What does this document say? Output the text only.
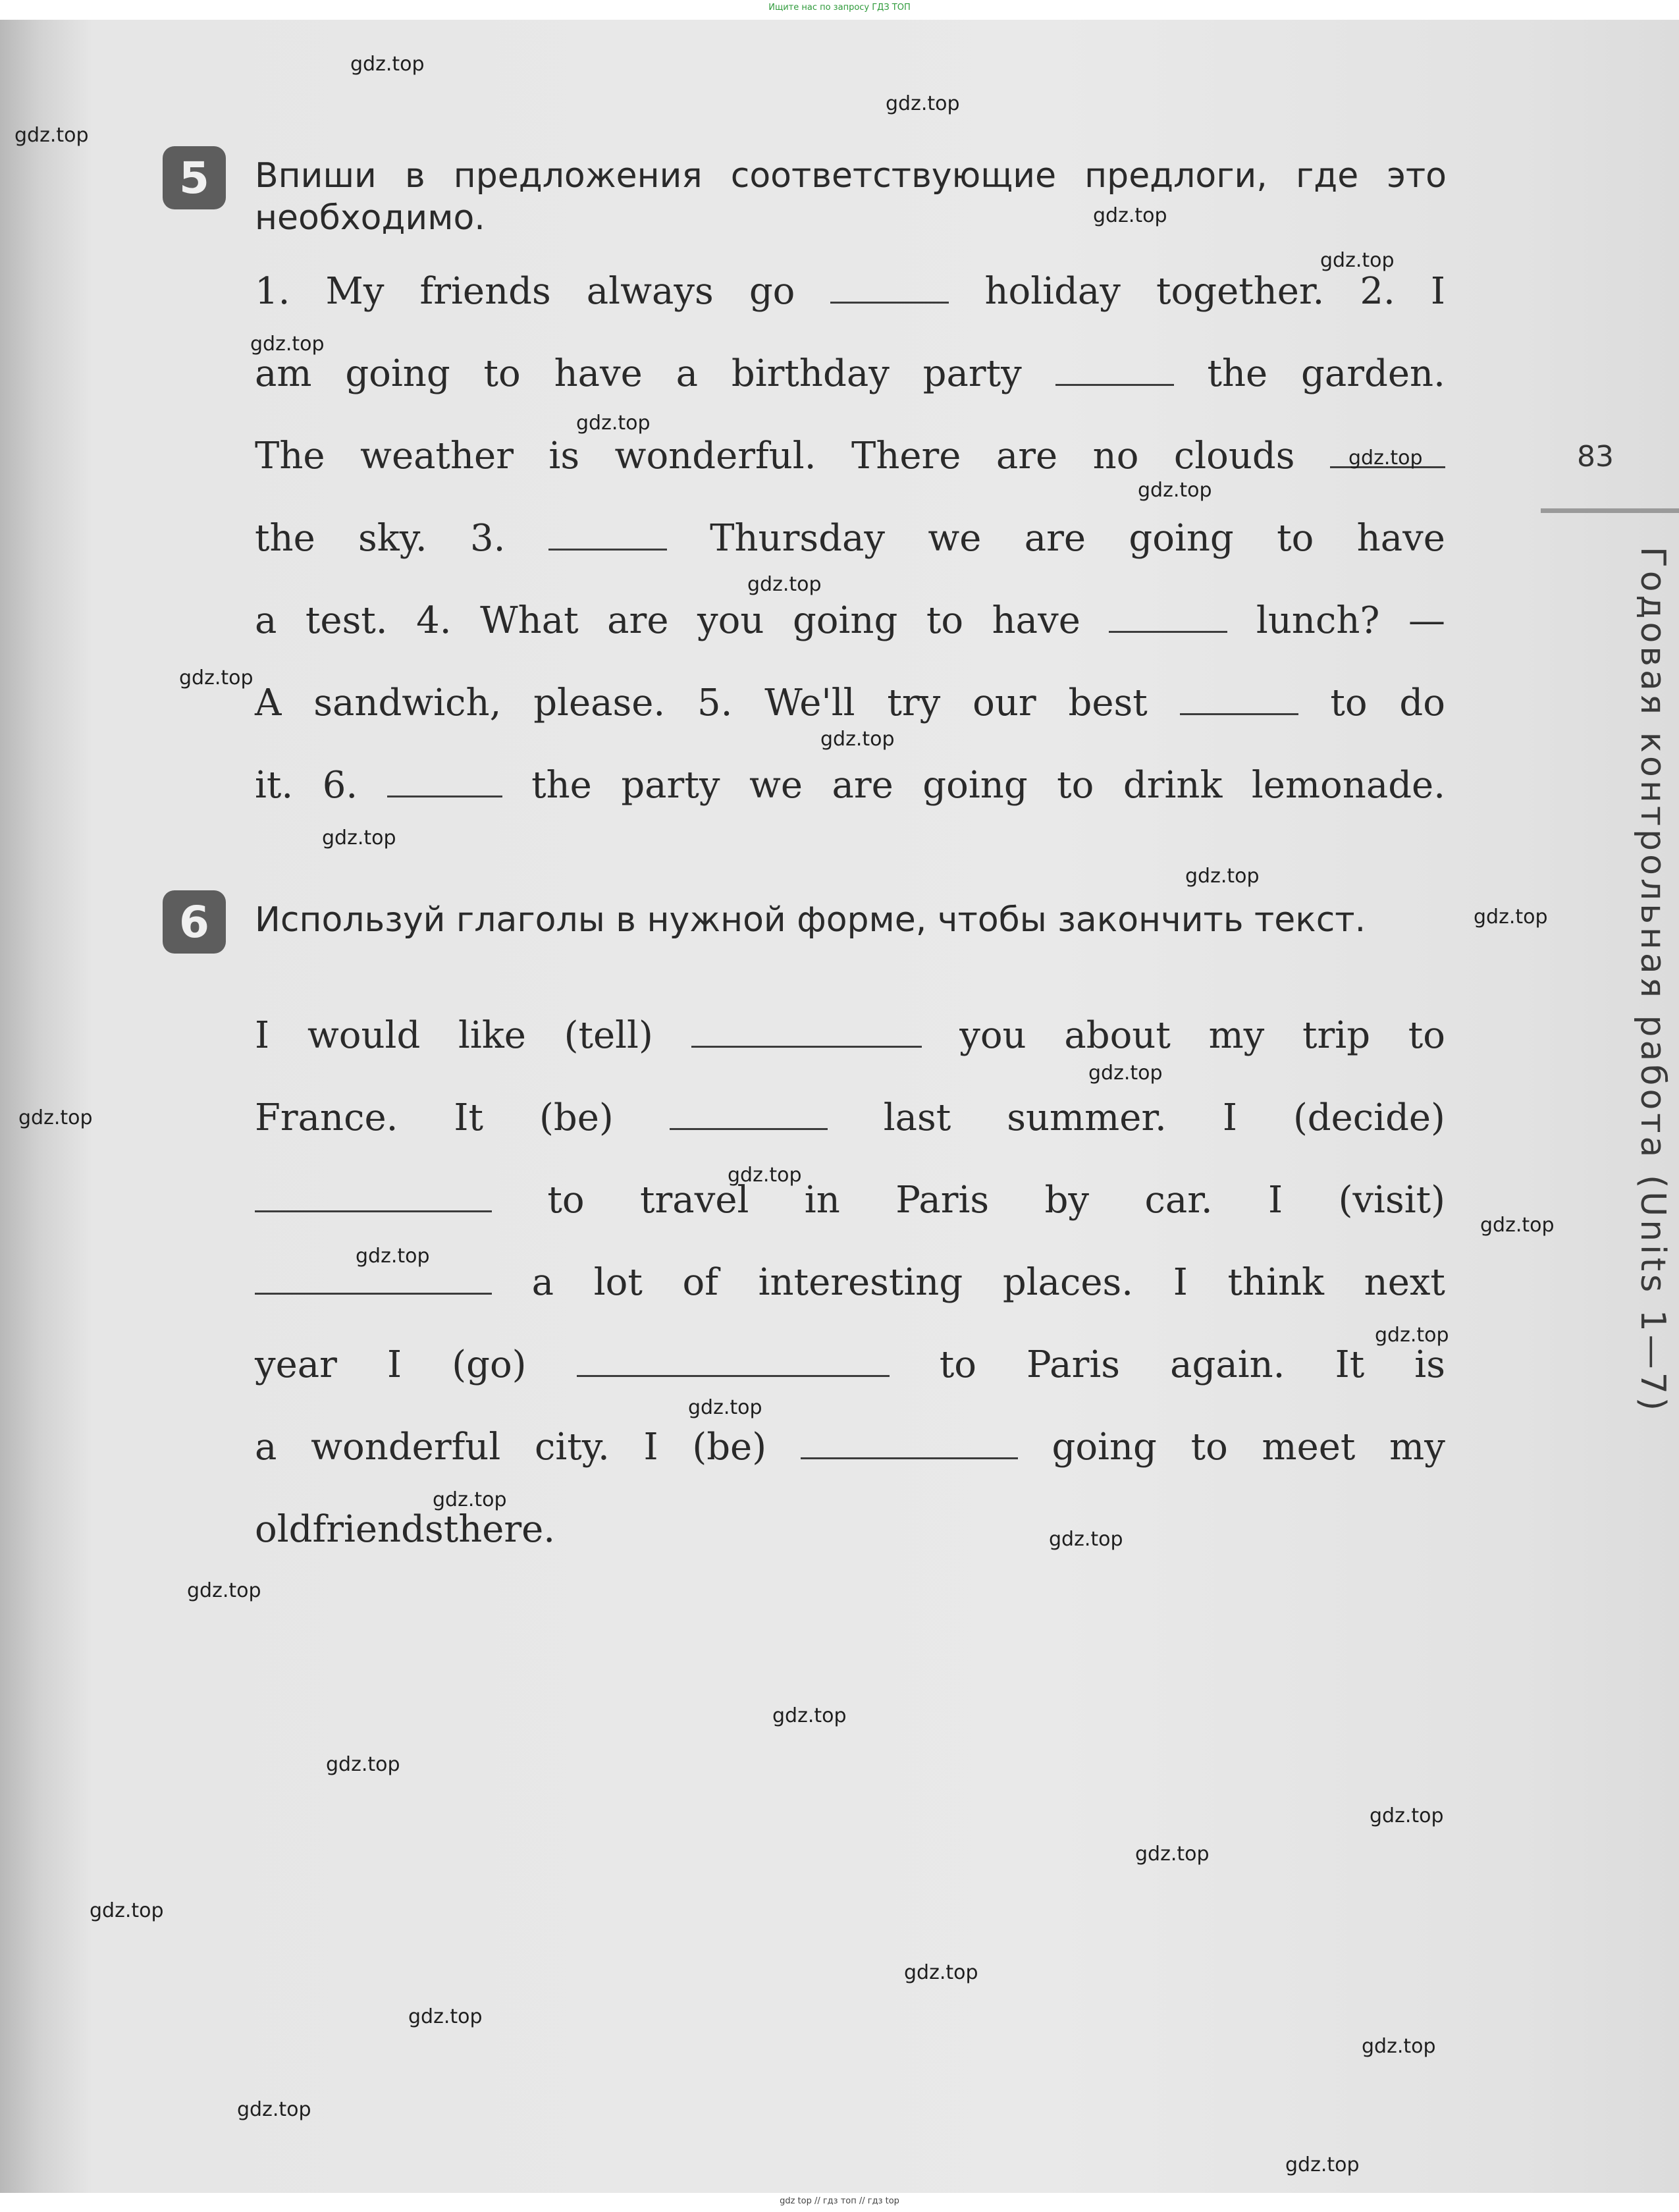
Ищите нас по запросу ГДЗ ТОП
5	Впиши в предложения соответствующие предлоги, где это необходимо.
1. My friends always go	holiday together. 2. I
am going to have a birthday party	the garden.
The weather is wonderful. There are no clouds
the sky. 3.	Thursday we are going to have
a test. 4. What are you going to have	lunch? —
A sandwich, please. 5. We'll try our best	to do
it. 6.	the party we are going to drink lemonade.
6	Используй глаголы в нужной форме, чтобы закончить текст.
I would like (tell)	you about my trip to
France. It (be)	last summer. I (decide)
to travel in Paris by car. I (visit)
a lot of interesting places. I think next
year I (go)	to Paris again. It is
a wonderful city. I (be)	going to meet my
old friends there.
83
Годовая контрольная работа (Units 1—7)
gdz.top
gdz.top
gdz.top
gdz.top
gdz.top
gdz.top
gdz.top
gdz.top
gdz.top
gdz.top
gdz.top
gdz.top
gdz.top
gdz.top
gdz.top
gdz.top
gdz.top
gdz.top
gdz.top
gdz.top
gdz.top
gdz.top
gdz.top
gdz.top
gdz.top
gdz.top
gdz.top
gdz.top
gdz.top
gdz.top
gdz.top
gdz.top
gdz.top
gdz.top
gdz.top
gdz top // гдз топ // гдз top
